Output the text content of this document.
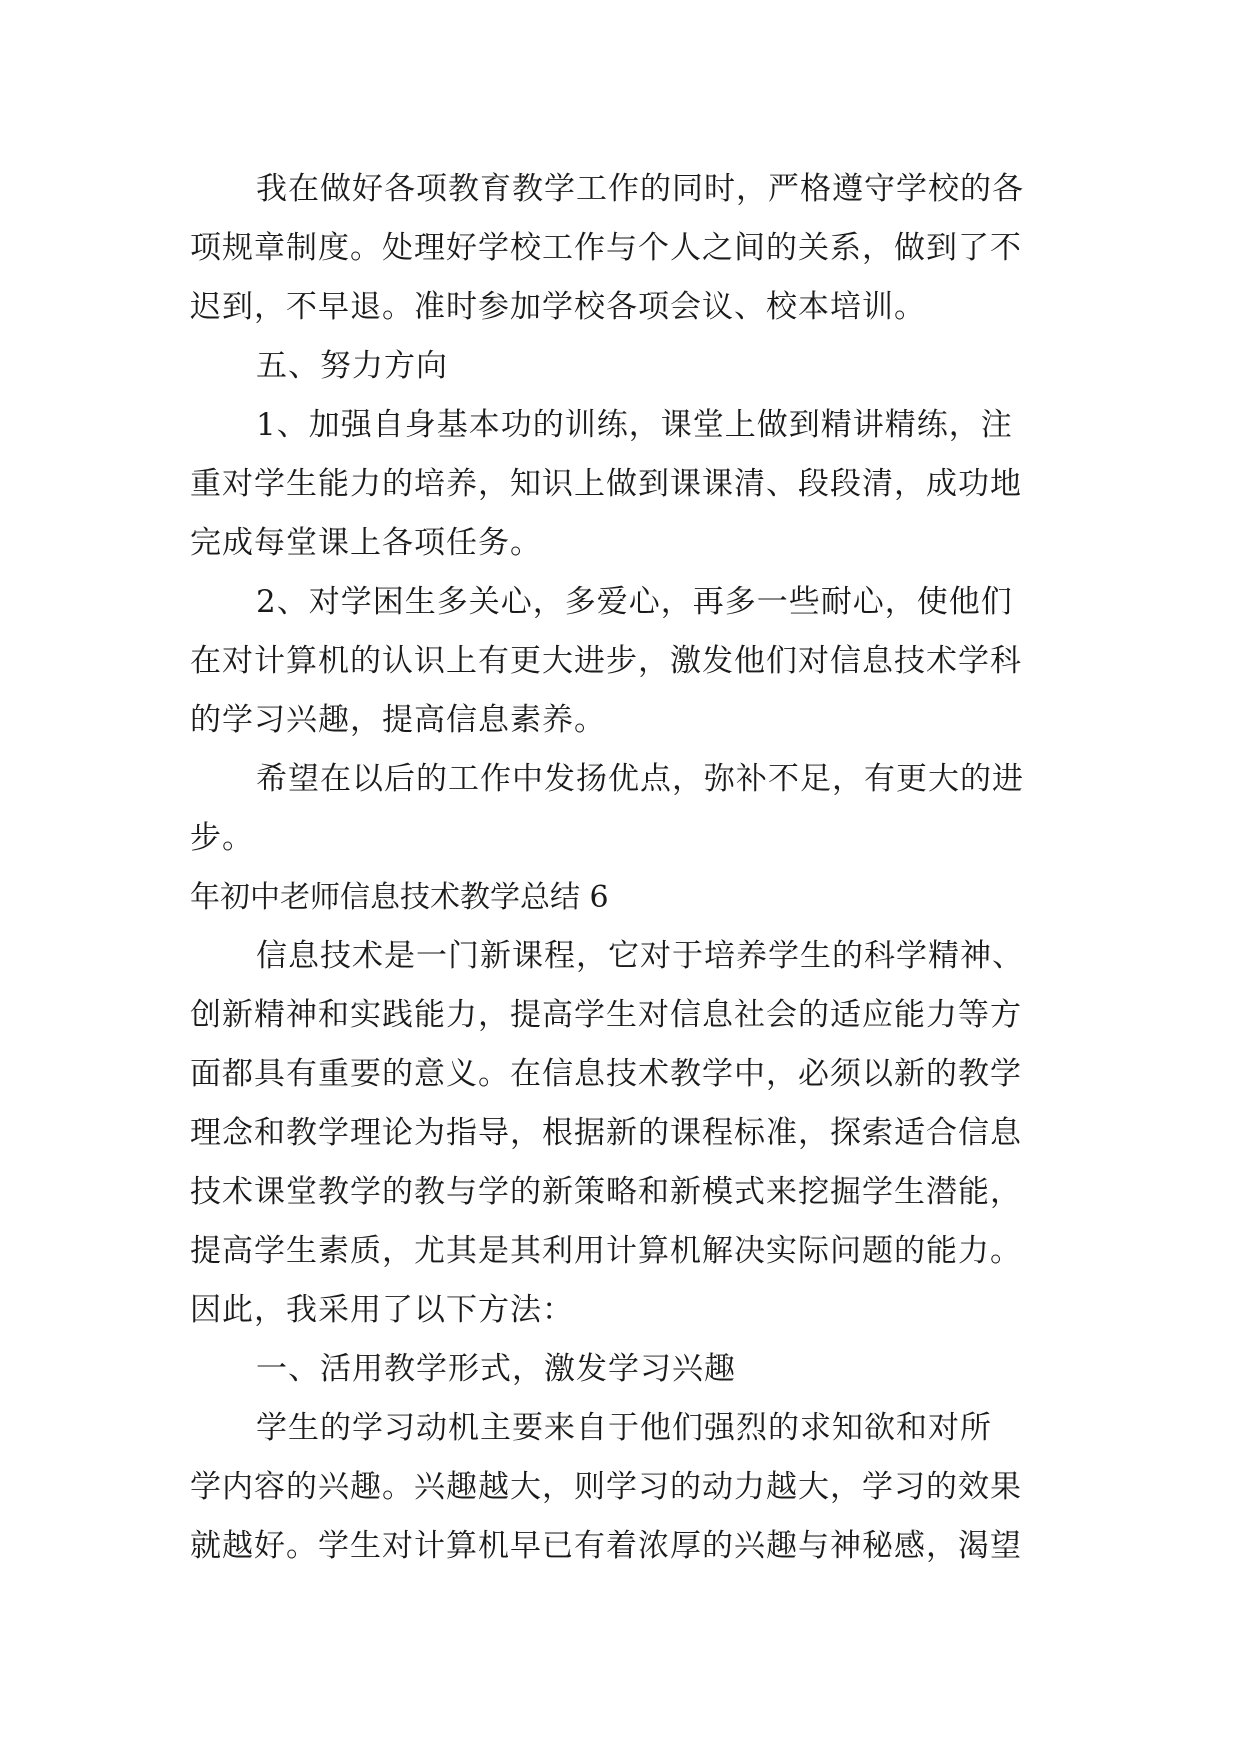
我在做好各项教育教学工作的同时，严格遵守学校的各
项规章制度。处理好学校工作与个人之间的关系，做到了不
迟到，不早退。准时参加学校各项会议、校本培训。
五、努力方向
1、加强自身基本功的训练，课堂上做到精讲精练，注
重对学生能力的培养，知识上做到课课清、段段清，成功地
完成每堂课上各项任务。
2、对学困生多关心，多爱心，再多一些耐心，使他们
在对计算机的认识上有更大进步，激发他们对信息技术学科
的学习兴趣，提高信息素养。
希望在以后的工作中发扬优点，弥补不足，有更大的进
步。
年初中老师信息技术教学总结 6
信息技术是一门新课程，它对于培养学生的科学精神、
创新精神和实践能力，提高学生对信息社会的适应能力等方
面都具有重要的意义。在信息技术教学中，必须以新的教学
理念和教学理论为指导，根据新的课程标准，探索适合信息
技术课堂教学的教与学的新策略和新模式来挖掘学生潜能，
提高学生素质，尤其是其利用计算机解决实际问题的能力。
因此，我采用了以下方法：
一、活用教学形式，激发学习兴趣
学生的学习动机主要来自于他们强烈的求知欲和对所
学内容的兴趣。兴趣越大，则学习的动力越大，学习的效果
就越好。学生对计算机早已有着浓厚的兴趣与神秘感，渴望
